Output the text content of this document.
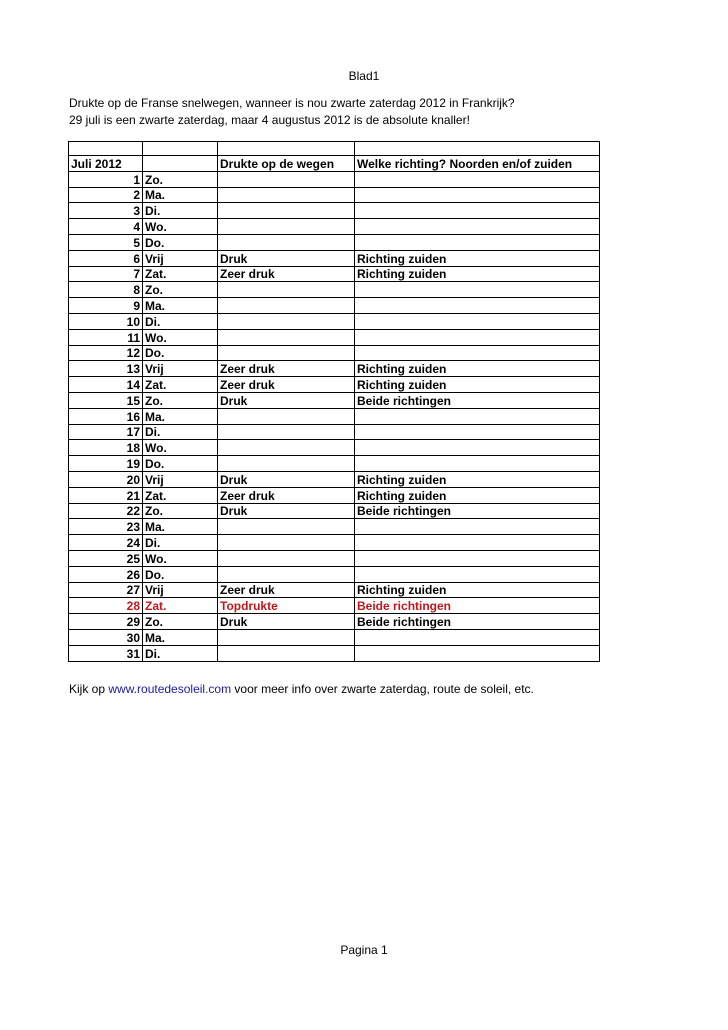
Blad1
Drukte op de Franse snelwegen, wanneer is nou zwarte zaterdag 2012 in Frankrijk?
29 juli is een zwarte zaterdag, maar 4 augustus 2012 is de absolute knaller!

Juli 2012		Drukte op de wegen	Welke richting? Noorden en/of zuiden
1	Zo.		
2	Ma.		
3	Di.		
4	Wo.		
5	Do.		
6	Vrij	Druk	Richting zuiden
7	Zat.	Zeer druk	Richting zuiden
8	Zo.		
9	Ma.		
10	Di.		
11	Wo.		
12	Do.		
13	Vrij	Zeer druk	Richting zuiden
14	Zat.	Zeer druk	Richting zuiden
15	Zo.	Druk	Beide richtingen
16	Ma.		
17	Di.		
18	Wo.		
19	Do.		
20	Vrij	Druk	Richting zuiden
21	Zat.	Zeer druk	Richting zuiden
22	Zo.	Druk	Beide richtingen
23	Ma.		
24	Di.		
25	Wo.		
26	Do.		
27	Vrij	Zeer druk	Richting zuiden
28	Zat.	Topdrukte	Beide richtingen
29	Zo.	Druk	Beide richtingen
30	Ma.		
31	Di.		
Kijk op www.routedesoleil.com voor meer info over zwarte zaterdag, route de soleil, etc.
Pagina 1
